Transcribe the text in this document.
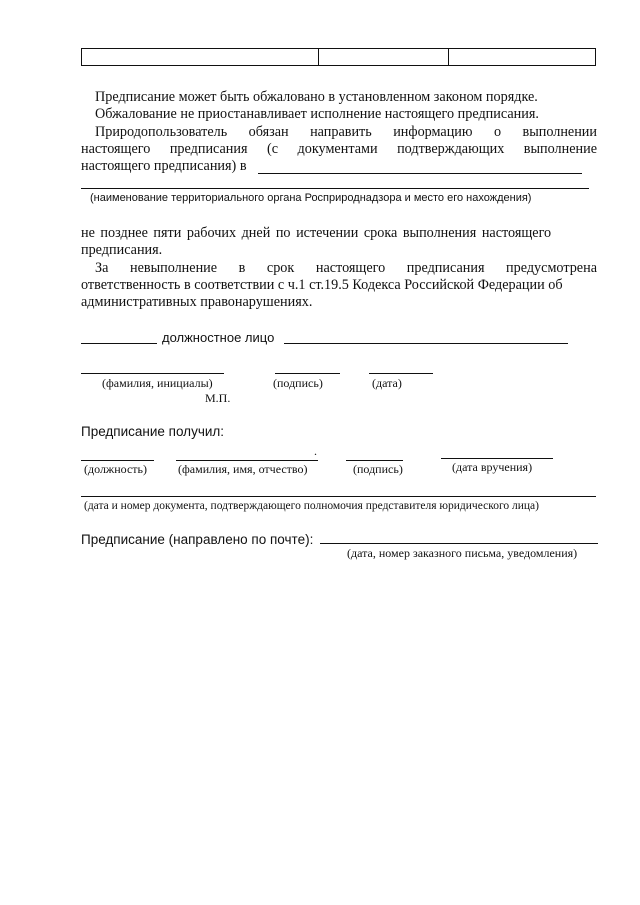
Предписание может быть обжаловано в установленном законом порядке.
Обжалование не приостанавливает исполнение настоящего предписания.
Природопользователь обязан направить информацию о выполнении
настоящего предписания (с документами подтверждающих выполнение
настоящего предписания) в
(наименование территориального органа Росприроднадзора и место его нахождения)
не позднее пяти рабочих дней по истечении срока выполнения настоящего
предписания.
За невыполнение в срок настоящего предписания предусмотрена
ответственность в соответствии с ч.1 ст.19.5 Кодекса Российской Федерации об
административных правонарушениях.
должностное лицо
(фамилия, инициалы)	(подпись)	(дата)
М.П.
Предписание получил:
.
(должность)	(фамилия, имя, отчество)	(подпись)	(дата вручения)
(дата и номер документа, подтверждающего полномочия представителя юридического лица)
Предписание (направлено по почте):
(дата, номер заказного письма, уведомления)
